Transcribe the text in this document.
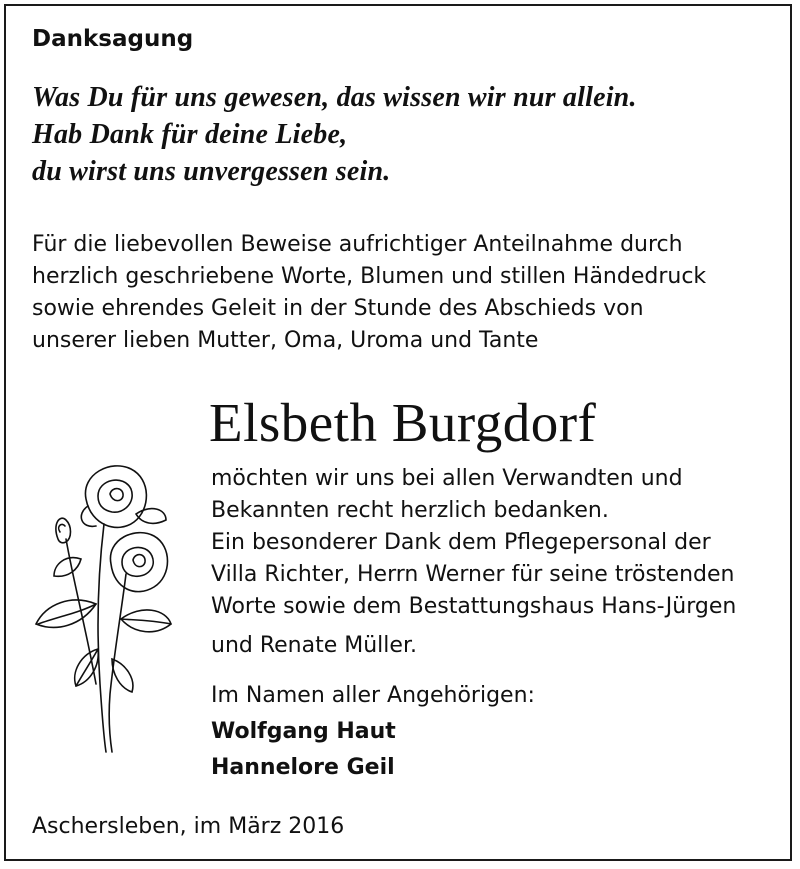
Danksagung
Was Du für uns gewesen, das wissen wir nur allein.
Hab Dank für deine Liebe,
du wirst uns unvergessen sein.
Für die liebevollen Beweise aufrichtiger Anteilnahme durch
herzlich geschriebene Worte, Blumen und stillen Händedruck
sowie ehrendes Geleit in der Stunde des Abschieds von
unserer lieben Mutter, Oma, Uroma und Tante
Elsbeth Burgdorf
möchten wir uns bei allen Verwandten und
Bekannten recht herzlich bedanken.
Ein besonderer Dank dem Pflegepersonal der
Villa Richter, Herrn Werner für seine tröstenden
Worte sowie dem Bestattungshaus Hans-Jürgen
und Renate Müller.
Im Namen aller Angehörigen:
Wolfgang Haut
Hannelore Geil
Aschersleben, im März 2016
